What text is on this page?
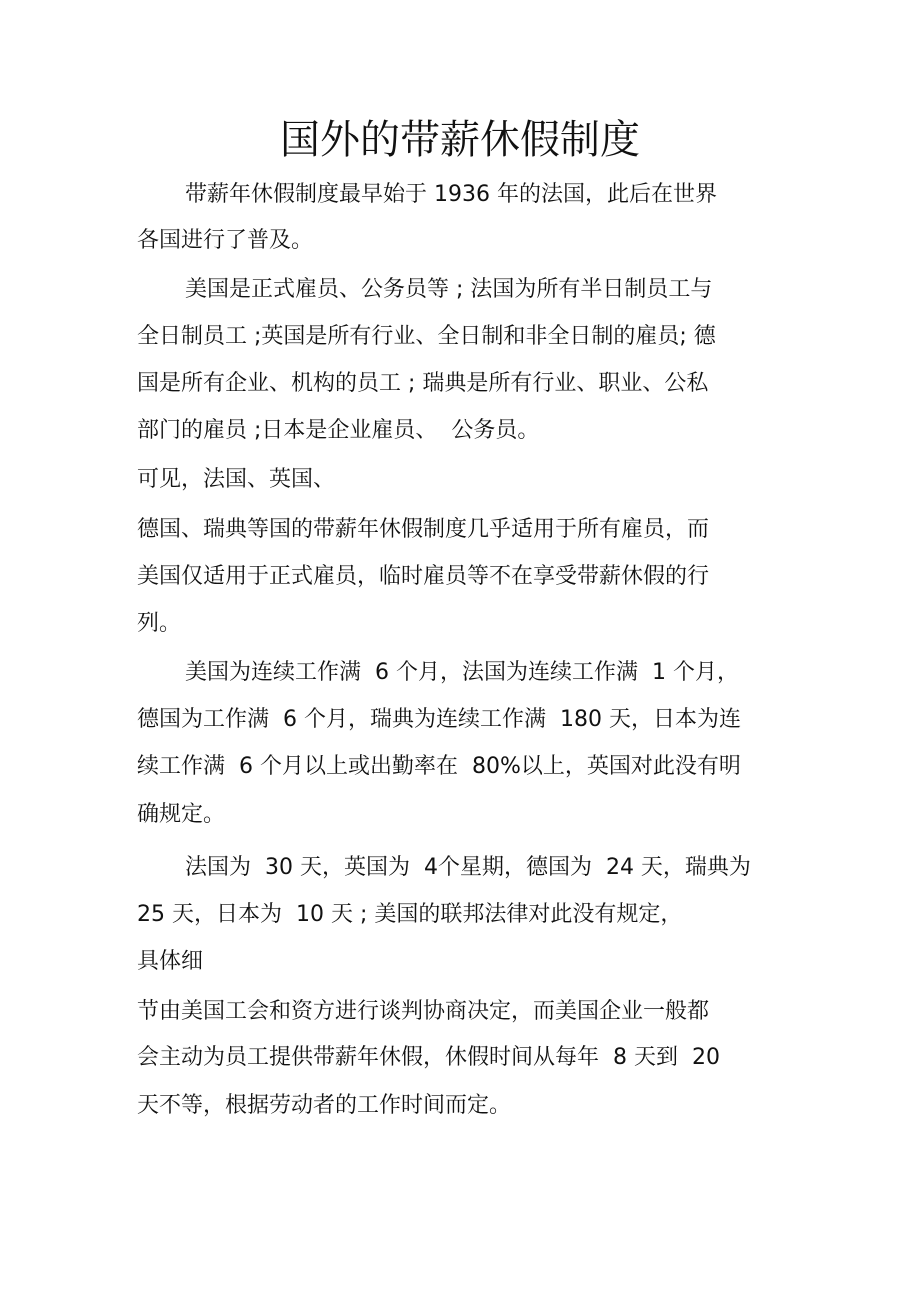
国外的带薪休假制度
带薪年休假制度最早始于 1936 年的法国，此后在世界
各国进行了普及。
美国是正式雇员、公务员等 ; 法国为所有半日制员工与
全日制员工 ;英国是所有行业、全日制和非全日制的雇员; 德
国是所有企业、机构的员工 ; 瑞典是所有行业、职业、公私
部门的雇员 ;日本是企业雇员、  公务员。
可见，法国、英国、
德国、瑞典等国的带薪年休假制度几乎适用于所有雇员，而
美国仅适用于正式雇员，临时雇员等不在享受带薪休假的行
列。
美国为连续工作满  6 个月，法国为连续工作满  1 个月，
德国为工作满  6 个月，瑞典为连续工作满  180 天，日本为连
续工作满  6 个月以上或出勤率在  80%以上，英国对此没有明
确规定。
法国为  30 天，英国为  4个星期，德国为  24 天，瑞典为
25 天，日本为  10 天 ; 美国的联邦法律对此没有规定，
具体细
节由美国工会和资方进行谈判协商决定，而美国企业一般都
会主动为员工提供带薪年休假，休假时间从每年  8 天到  20
天不等，根据劳动者的工作时间而定。
